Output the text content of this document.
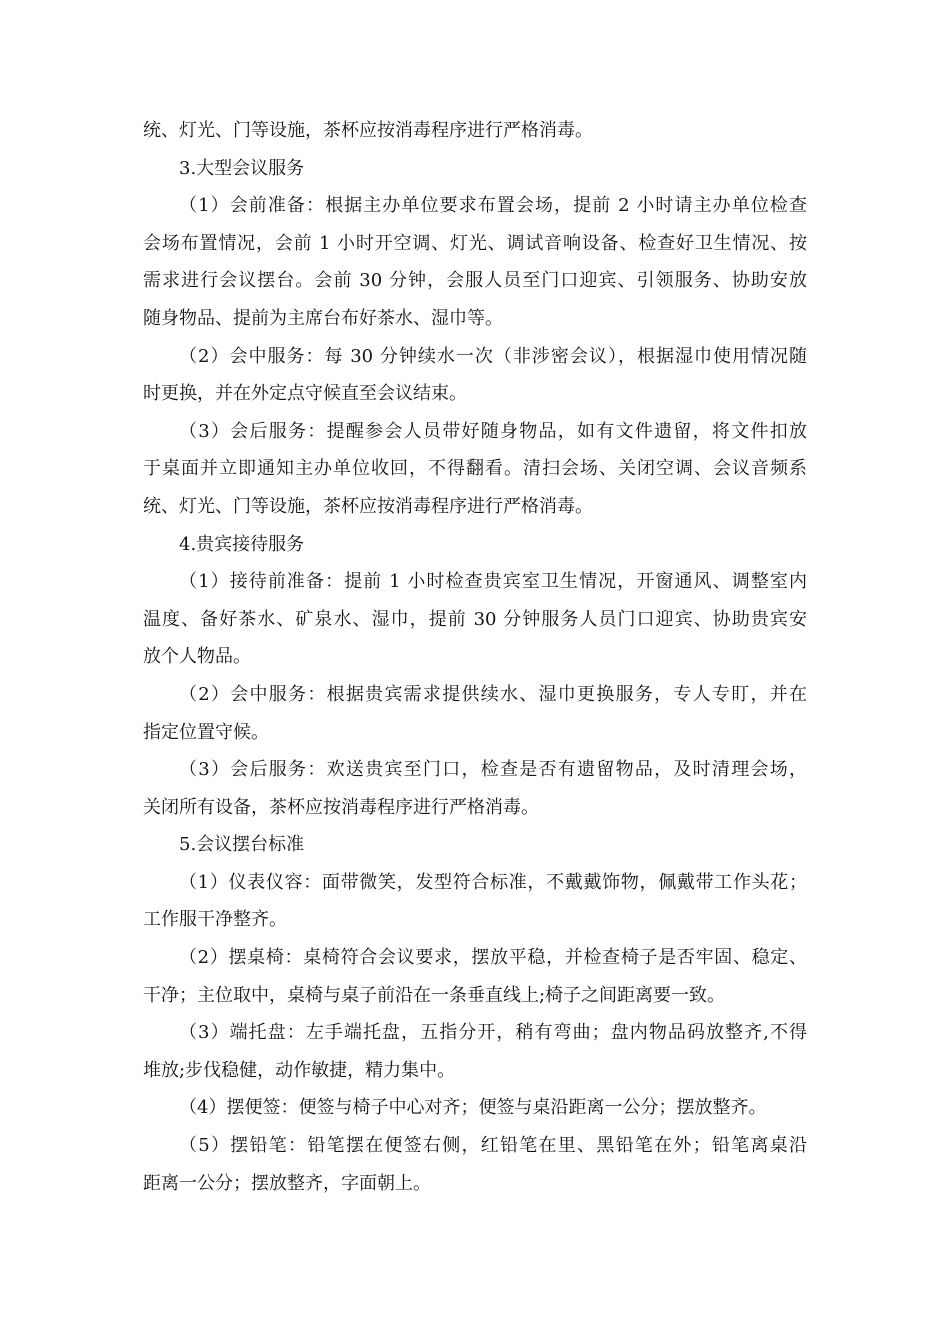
统、灯光、门等设施，茶杯应按消毒程序进行严格消毒。
3.大型会议服务
（1）会前准备：根据主办单位要求布置会场，提前 2 小时请主办单位检查
会场布置情况，会前 1 小时开空调、灯光、调试音响设备、检查好卫生情况、按
需求进行会议摆台。会前 30 分钟，会服人员至门口迎宾、引领服务、协助安放
随身物品、提前为主席台布好茶水、湿巾等。
（2）会中服务：每 30 分钟续水一次（非涉密会议），根据湿巾使用情况随
时更换，并在外定点守候直至会议结束。
（3）会后服务：提醒参会人员带好随身物品，如有文件遗留，将文件扣放
于桌面并立即通知主办单位收回，不得翻看。清扫会场、关闭空调、会议音频系
统、灯光、门等设施，茶杯应按消毒程序进行严格消毒。
4.贵宾接待服务
（1）接待前准备：提前 1 小时检查贵宾室卫生情况，开窗通风、调整室内
温度、备好茶水、矿泉水、湿巾，提前 30 分钟服务人员门口迎宾、协助贵宾安
放个人物品。
（2）会中服务：根据贵宾需求提供续水、湿巾更换服务，专人专盯，并在
指定位置守候。
（3）会后服务：欢送贵宾至门口，检查是否有遗留物品，及时清理会场，
关闭所有设备，茶杯应按消毒程序进行严格消毒。
5.会议摆台标准
（1）仪表仪容：面带微笑，发型符合标准，不戴戴饰物，佩戴带工作头花；
工作服干净整齐。
（2）摆桌椅：桌椅符合会议要求，摆放平稳，并检查椅子是否牢固、稳定、
干净；主位取中，桌椅与桌子前沿在一条垂直线上;椅子之间距离要一致。
（3）端托盘：左手端托盘，五指分开，稍有弯曲；盘内物品码放整齐,不得
堆放;步伐稳健，动作敏捷，精力集中。
（4）摆便签：便签与椅子中心对齐；便签与桌沿距离一公分；摆放整齐。
（5）摆铅笔：铅笔摆在便签右侧，红铅笔在里、黑铅笔在外；铅笔离桌沿
距离一公分；摆放整齐，字面朝上。
